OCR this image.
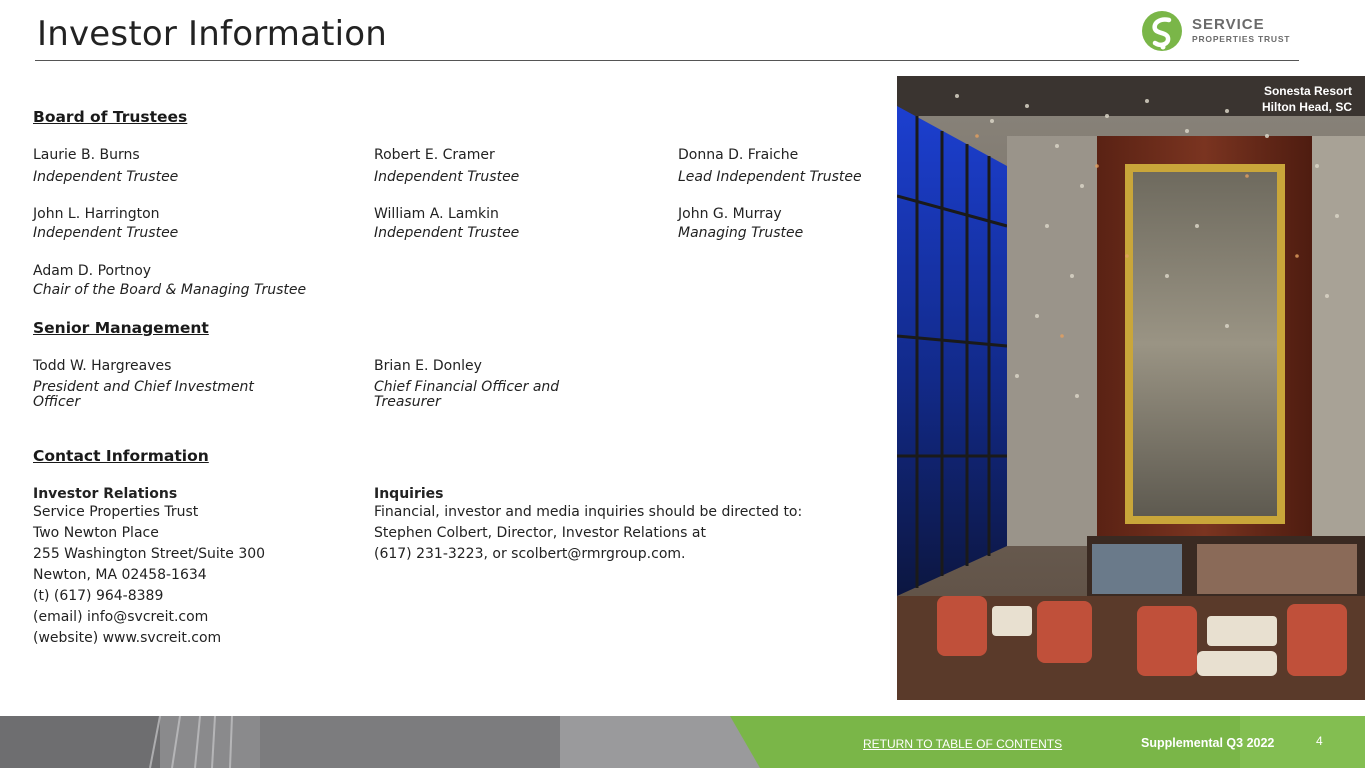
Investor Information	SERVICE
PROPERTIES TRUST
Board of Trustees
Laurie B. Burns
Independent Trustee
Robert E. Cramer
Independent Trustee
Donna D. Fraiche
Lead Independent Trustee
John L. Harrington
Independent Trustee
William A. Lamkin
Independent Trustee
John G. Murray
Managing Trustee
Adam D. Portnoy
Chair of the Board & Managing Trustee
Senior Management
Todd W. Hargreaves
President and Chief Investment Officer
Brian E. Donley
Chief Financial Officer and Treasurer
Contact Information
Investor Relations
Service Properties Trust
Two Newton Place
255 Washington Street/Suite 300
Newton, MA 02458-1634
(t) (617) 964-8389
(email) info@svcreit.com
(website) www.svcreit.com
Inquiries
Financial, investor and media inquiries should be directed to:
Stephen Colbert, Director, Investor Relations at
(617) 231-3223, or scolbert@rmrgroup.com.
Sonesta Resort
Hilton Head, SC
RETURN TO TABLE OF CONTENTS	Supplemental Q3 2022	4
